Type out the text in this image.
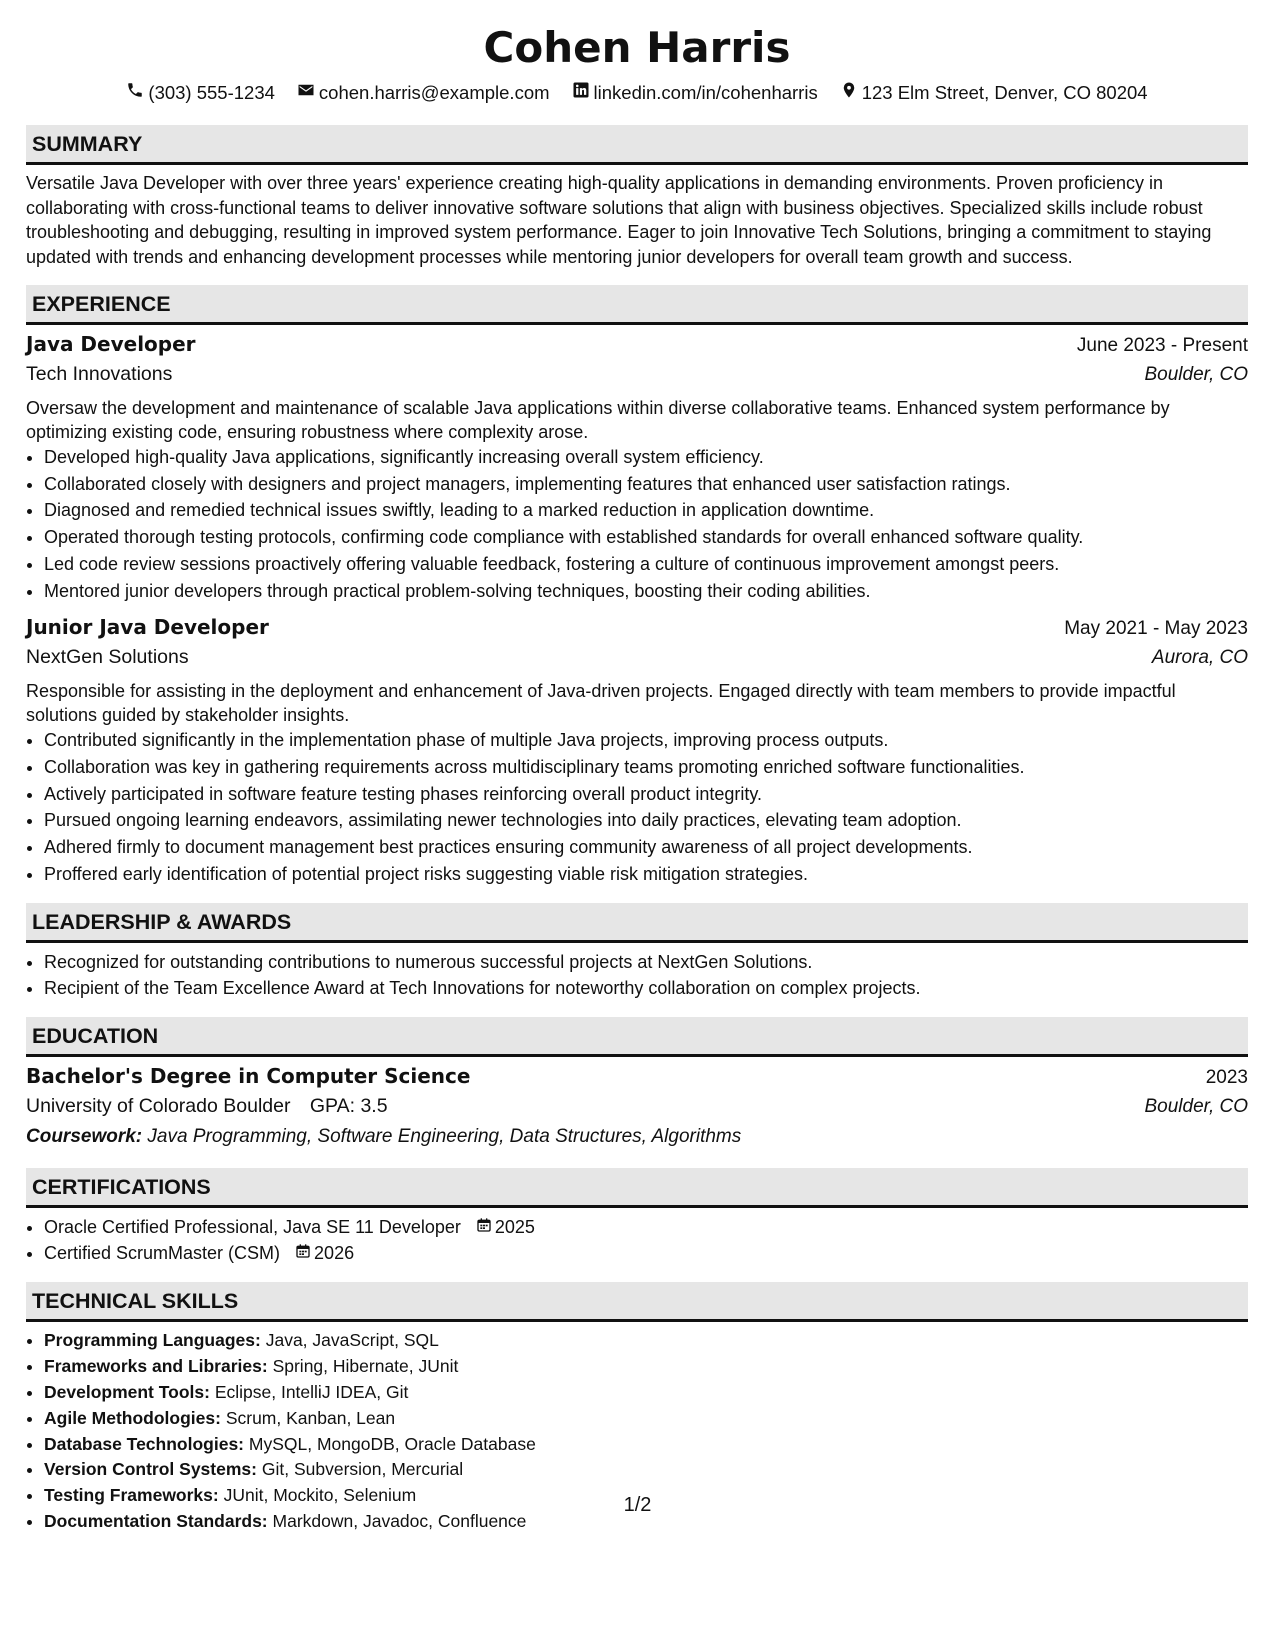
Cohen Harris
(303) 555-1234 cohen.harris@example.com linkedin.com/in/cohenharris 123 Elm Street, Denver, CO 80204
SUMMARY

Versatile Java Developer with over three years' experience creating high-quality applications in demanding environments. Proven proficiency in collaborating with cross-functional teams to deliver innovative software solutions that align with business objectives. Specialized skills include robust troubleshooting and debugging, resulting in improved system performance. Eager to join Innovative Tech Solutions, bringing a commitment to staying updated with trends and enhancing development processes while mentoring junior developers for overall team growth and success.

EXPERIENCE
Java Developer	June 2023 - Present
Tech Innovations	Boulder, CO

Oversaw the development and maintenance of scalable Java applications within diverse collaborative teams. Enhanced system performance by optimizing existing code, ensuring robustness where complexity arose.

• Developed high-quality Java applications, significantly increasing overall system efficiency.
• Collaborated closely with designers and project managers, implementing features that enhanced user satisfaction ratings.
• Diagnosed and remedied technical issues swiftly, leading to a marked reduction in application downtime.
• Operated thorough testing protocols, confirming code compliance with established standards for overall enhanced software quality.
• Led code review sessions proactively offering valuable feedback, fostering a culture of continuous improvement amongst peers.
• Mentored junior developers through practical problem-solving techniques, boosting their coding abilities.
Junior Java Developer	May 2021 - May 2023
NextGen Solutions	Aurora, CO

Responsible for assisting in the deployment and enhancement of Java-driven projects. Engaged directly with team members to provide impactful solutions guided by stakeholder insights.

• Contributed significantly in the implementation phase of multiple Java projects, improving process outputs.
• Collaboration was key in gathering requirements across multidisciplinary teams promoting enriched software functionalities.
• Actively participated in software feature testing phases reinforcing overall product integrity.
• Pursued ongoing learning endeavors, assimilating newer technologies into daily practices, elevating team adoption.
• Adhered firmly to document management best practices ensuring community awareness of all project developments.
• Proffered early identification of potential project risks suggesting viable risk mitigation strategies.
LEADERSHIP & AWARDS
• Recognized for outstanding contributions to numerous successful projects at NextGen Solutions.
• Recipient of the Team Excellence Award at Tech Innovations for noteworthy collaboration on complex projects.
EDUCATION
Bachelor's Degree in Computer Science	2023
University of Colorado Boulder GPA: 3.5	Boulder, CO
Coursework: Java Programming, Software Engineering, Data Structures, Algorithms
CERTIFICATIONS
• Oracle Certified Professional, Java SE 11 Developer 2025
• Certified ScrumMaster (CSM) 2026
TECHNICAL SKILLS
• Programming Languages: Java, JavaScript, SQL
• Frameworks and Libraries: Spring, Hibernate, JUnit
• Development Tools: Eclipse, IntelliJ IDEA, Git
• Agile Methodologies: Scrum, Kanban, Lean
• Database Technologies: MySQL, MongoDB, Oracle Database
• Version Control Systems: Git, Subversion, Mercurial
• Testing Frameworks: JUnit, Mockito, Selenium
• Documentation Standards: Markdown, Javadoc, Confluence
1/2
